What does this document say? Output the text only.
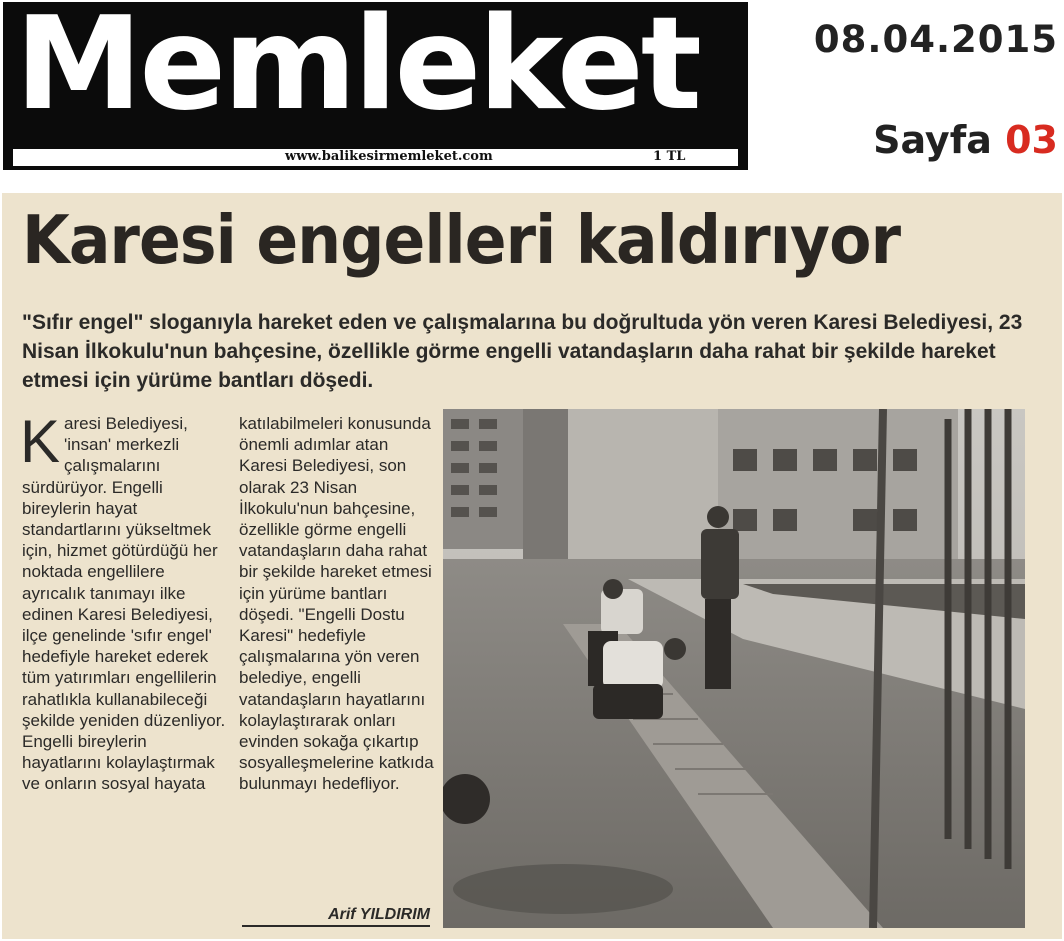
Memleket
www.balikesirmemleket.com	1 TL
08.04.2015
Sayfa 03
Karesi engelleri kaldırıyor
"Sıfır engel" sloganıyla hareket eden ve çalışmalarına bu doğrultuda yön veren Karesi Belediyesi, 23 Nisan İlkokulu'nun bahçesine, özellikle görme engelli vatandaşların daha rahat bir şekilde hareket etmesi için yürüme bantları döşedi.
K aresi Belediyesi, 'insan' merkezli çalışmalarını sürdürüyor. Engelli bireylerin hayat standartlarını yükseltmek için, hizmet götürdüğü her noktada engellilere ayrıcalık tanımayı ilke edinen Karesi Belediyesi, ilçe genelinde 'sıfır engel' hedefiyle hareket ederek tüm yatırımları engellilerin rahatlıkla kullanabileceği şekilde yeniden düzenliyor. Engelli bireylerin hayatlarını kolaylaştırmak ve onların sosyal hayata
katılabilmeleri konusunda önemli adımlar atan Karesi Belediyesi, son olarak 23 Nisan İlkokulu'nun bahçesine, özellikle görme engelli vatandaşların daha rahat bir şekilde hareket etmesi için yürüme bantları döşedi. "Engelli Dostu Karesi" hedefiyle çalışmalarına yön veren belediye, engelli vatandaşların hayatlarını kolaylaştırarak onları evinden sokağa çıkartıp sosyalleşmelerine katkıda bulunmayı hedefliyor.
Arif YILDIRIM
